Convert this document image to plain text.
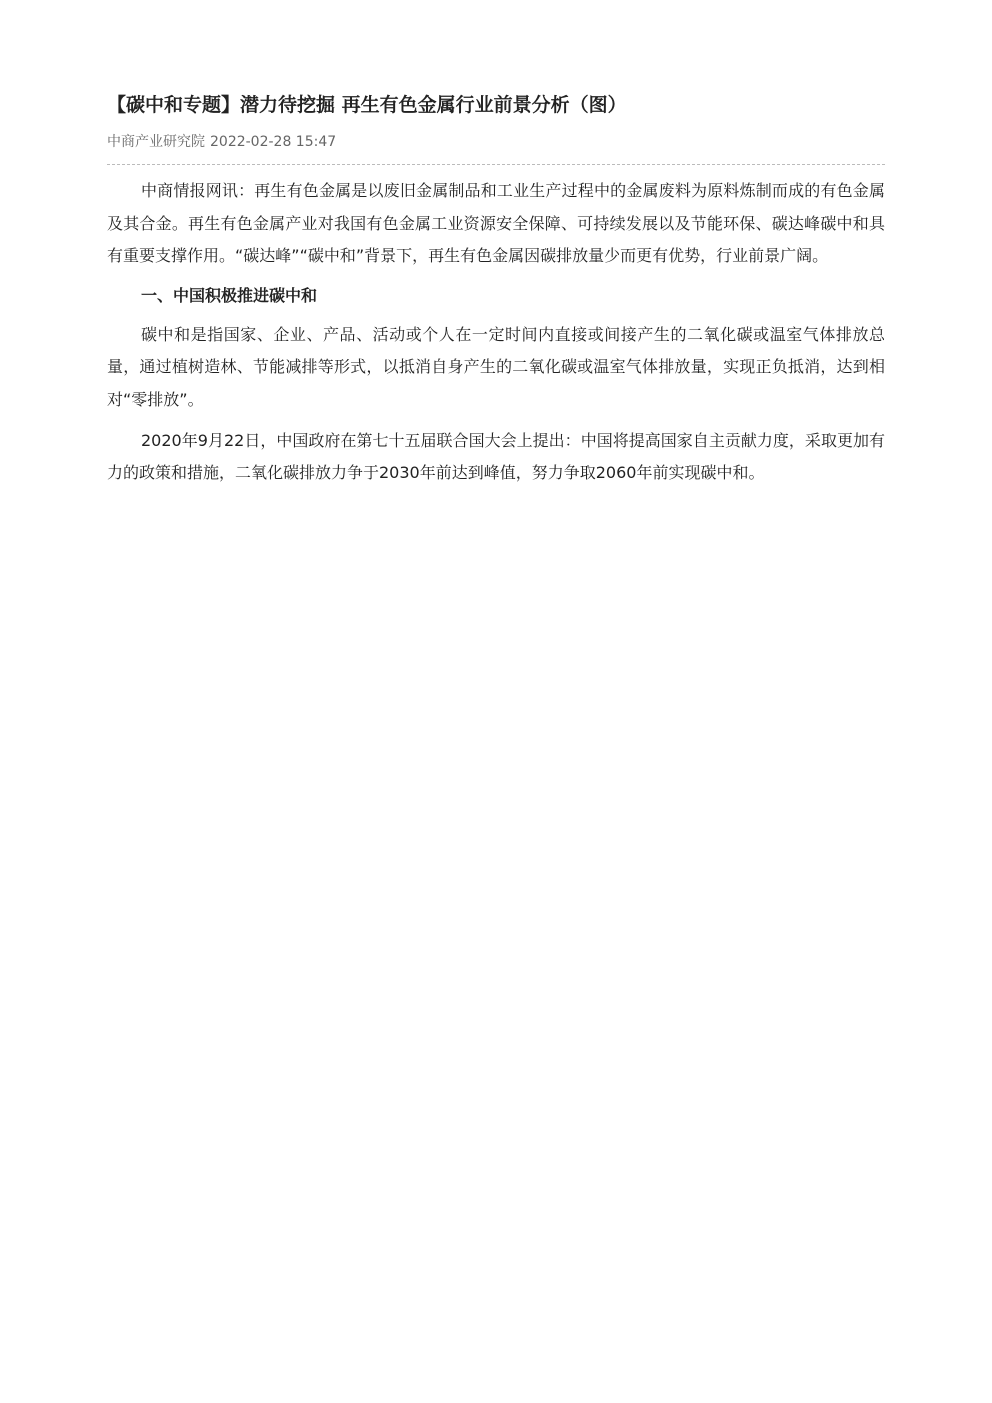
【碳中和专题】潜力待挖掘 再生有色金属行业前景分析（图）
中商产业研究院 2022-02-28 15:47

中商情报网讯：再生有色金属是以废旧金属制品和工业生产过程中的金属废料为原料炼制而成的有色金属及其合金。再生有色金属产业对我国有色金属工业资源安全保障、可持续发展以及节能环保、碳达峰碳中和具有重要支撑作用。“碳达峰”“碳中和”背景下，再生有色金属因碳排放量少而更有优势，行业前景广阔。

一、中国积极推进碳中和

碳中和是指国家、企业、产品、活动或个人在一定时间内直接或间接产生的二氧化碳或温室气体排放总量，通过植树造林、节能减排等形式，以抵消自身产生的二氧化碳或温室气体排放量，实现正负抵消，达到相对“零排放”。

2020年9月22日，中国政府在第七十五届联合国大会上提出：中国将提高国家自主贡献力度，采取更加有力的政策和措施，二氧化碳排放力争于2030年前达到峰值，努力争取2060年前实现碳中和。
